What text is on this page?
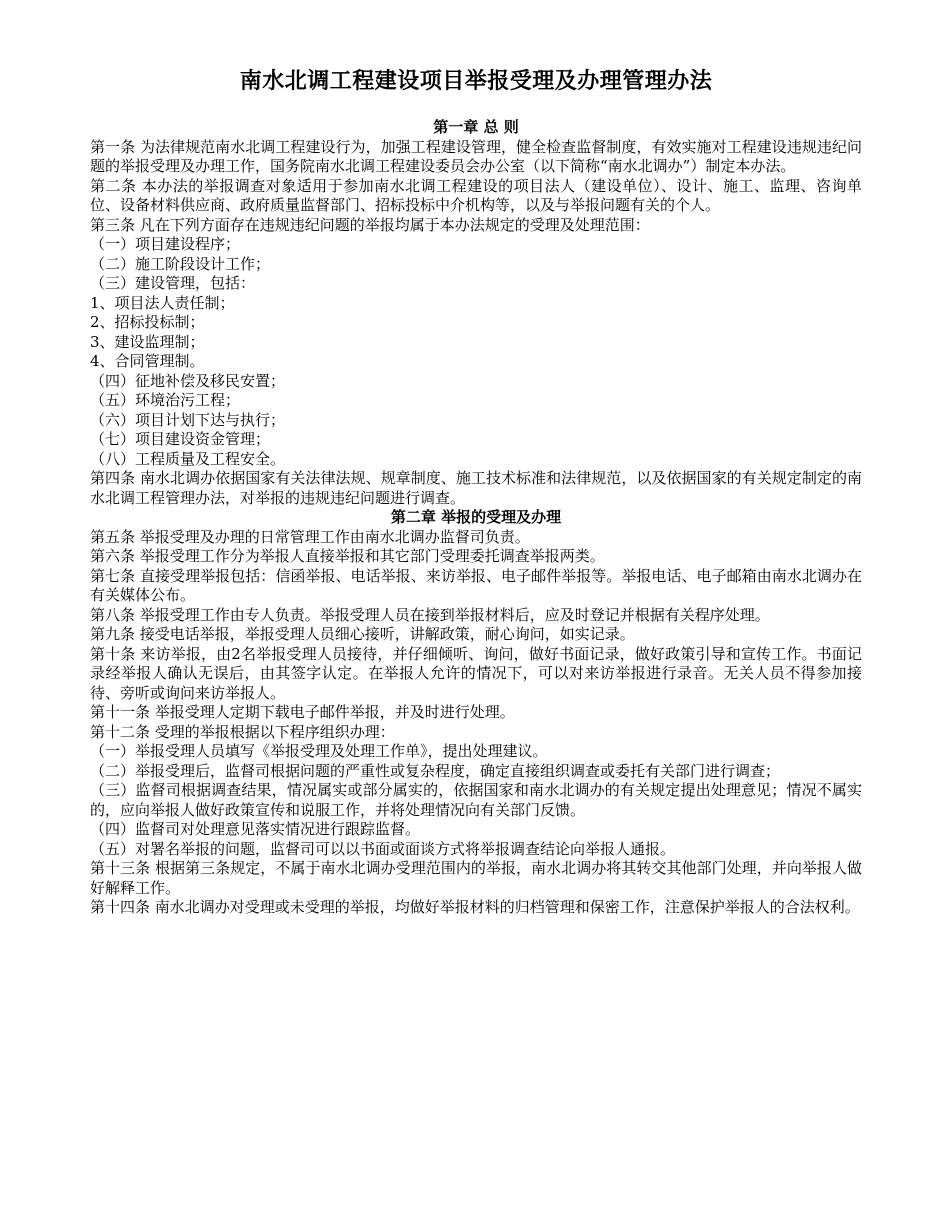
南水北调工程建设项目举报受理及办理管理办法
第一章 总 则

第一条 为法律规范南水北调工程建设行为，加强工程建设管理，健全检查监督制度，有效实施对工程建设违规违纪问题的举报受理及办理工作，国务院南水北调工程建设委员会办公室（以下简称“南水北调办”）制定本办法。

第二条 本办法的举报调查对象适用于参加南水北调工程建设的项目法人（建设单位）、设计、施工、监理、咨询单位、设备材料供应商、政府质量监督部门、招标投标中介机构等，以及与举报问题有关的个人。

第三条 凡在下列方面存在违规违纪问题的举报均属于本办法规定的受理及处理范围：

（一）项目建设程序；

（二）施工阶段设计工作；

（三）建设管理，包括：

1、项目法人责任制；

2、招标投标制；

3、建设监理制；

4、合同管理制。

（四）征地补偿及移民安置；

（五）环境治污工程；

（六）项目计划下达与执行；

（七）项目建设资金管理；

（八）工程质量及工程安全。

第四条 南水北调办依据国家有关法律法规、规章制度、施工技术标准和法律规范，以及依据国家的有关规定制定的南水北调工程管理办法，对举报的违规违纪问题进行调查。

第二章 举报的受理及办理

第五条 举报受理及办理的日常管理工作由南水北调办监督司负责。

第六条 举报受理工作分为举报人直接举报和其它部门受理委托调查举报两类。

第七条 直接受理举报包括：信函举报、电话举报、来访举报、电子邮件举报等。举报电话、电子邮箱由南水北调办在有关媒体公布。

第八条 举报受理工作由专人负责。举报受理人员在接到举报材料后，应及时登记并根据有关程序处理。

第九条 接受电话举报，举报受理人员细心接听，讲解政策，耐心询问，如实记录。

第十条 来访举报，由2名举报受理人员接待，并仔细倾听、询问，做好书面记录，做好政策引导和宣传工作。书面记录经举报人确认无误后，由其签字认定。在举报人允许的情况下，可以对来访举报进行录音。无关人员不得参加接待、旁听或询问来访举报人。

第十一条 举报受理人定期下载电子邮件举报，并及时进行处理。

第十二条 受理的举报根据以下程序组织办理：

（一）举报受理人员填写《举报受理及处理工作单》，提出处理建议。

（二）举报受理后，监督司根据问题的严重性或复杂程度，确定直接组织调查或委托有关部门进行调查；

（三）监督司根据调查结果，情况属实或部分属实的，依据国家和南水北调办的有关规定提出处理意见；情况不属实的，应向举报人做好政策宣传和说服工作，并将处理情况向有关部门反馈。

（四）监督司对处理意见落实情况进行跟踪监督。

（五）对署名举报的问题，监督司可以以书面或面谈方式将举报调查结论向举报人通报。

第十三条 根据第三条规定，不属于南水北调办受理范围内的举报，南水北调办将其转交其他部门处理，并向举报人做好解释工作。

第十四条 南水北调办对受理或未受理的举报，均做好举报材料的归档管理和保密工作，注意保护举报人的合法权利。
